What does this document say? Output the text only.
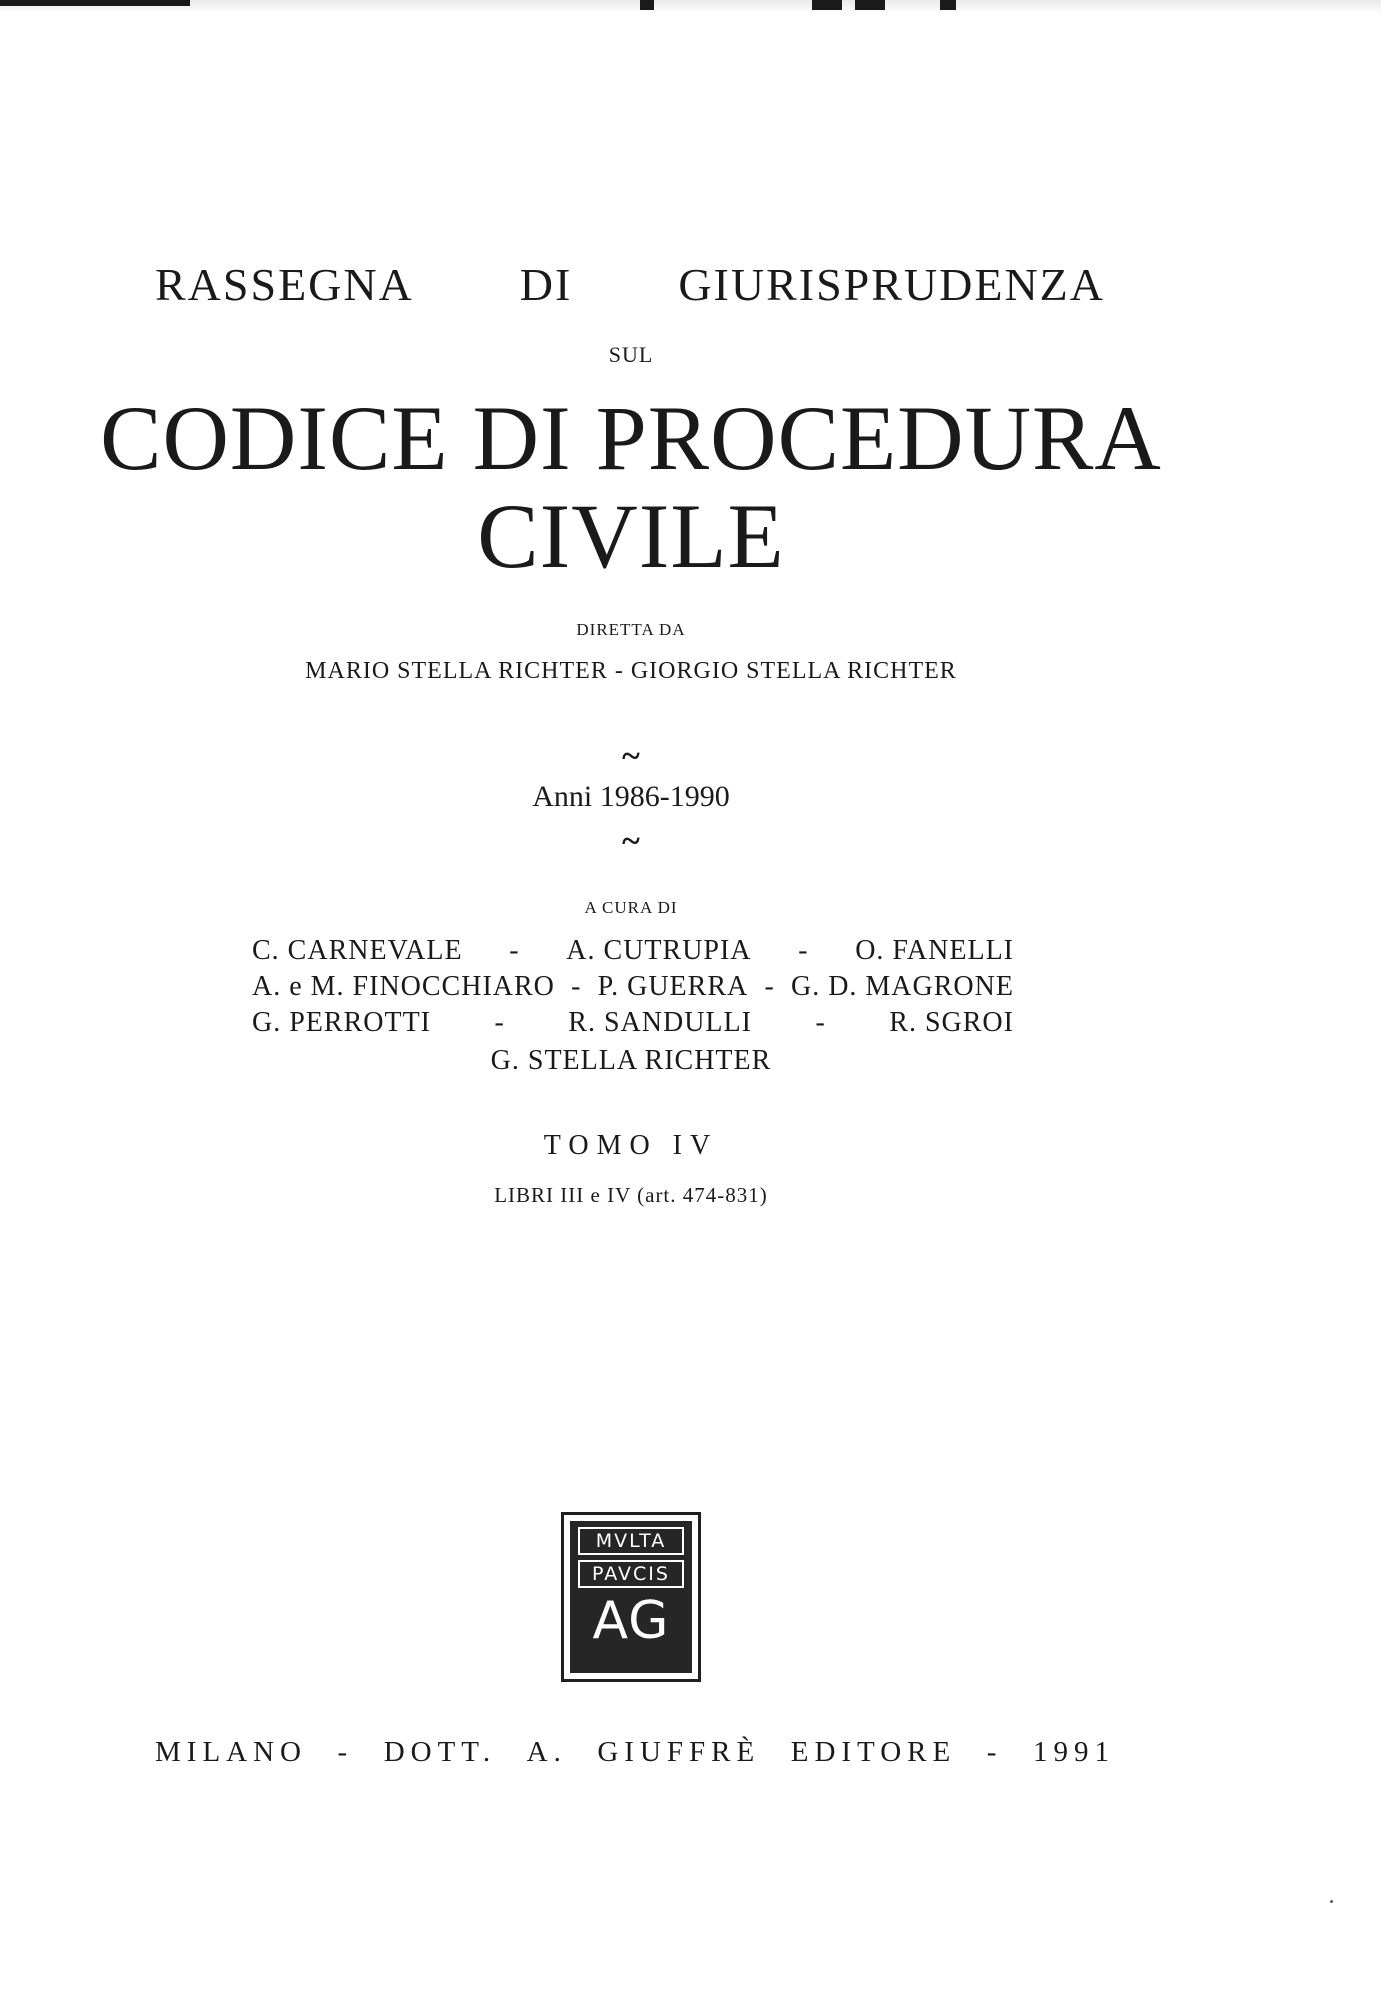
RASSEGNA DI GIURISPRUDENZA
SUL
CODICE DI PROCEDURA
CIVILE
DIRETTA DA
MARIO STELLA RICHTER - GIORGIO STELLA RICHTER
~
Anni 1986-1990
~
A CURA DI
C. CARNEVALE - A. CUTRUPIA - O. FANELLI
A. e M. FINOCCHIARO - P. GUERRA - G. D. MAGRONE
G. PERROTTI - R. SANDULLI - R. SGROI
G. STELLA RICHTER
TOMO IV
LIBRI III e IV (art. 474-831)
MVLTA
PAVCIS
AG
MILANO - DOTT. A. GIUFFRÈ EDITORE - 1991
